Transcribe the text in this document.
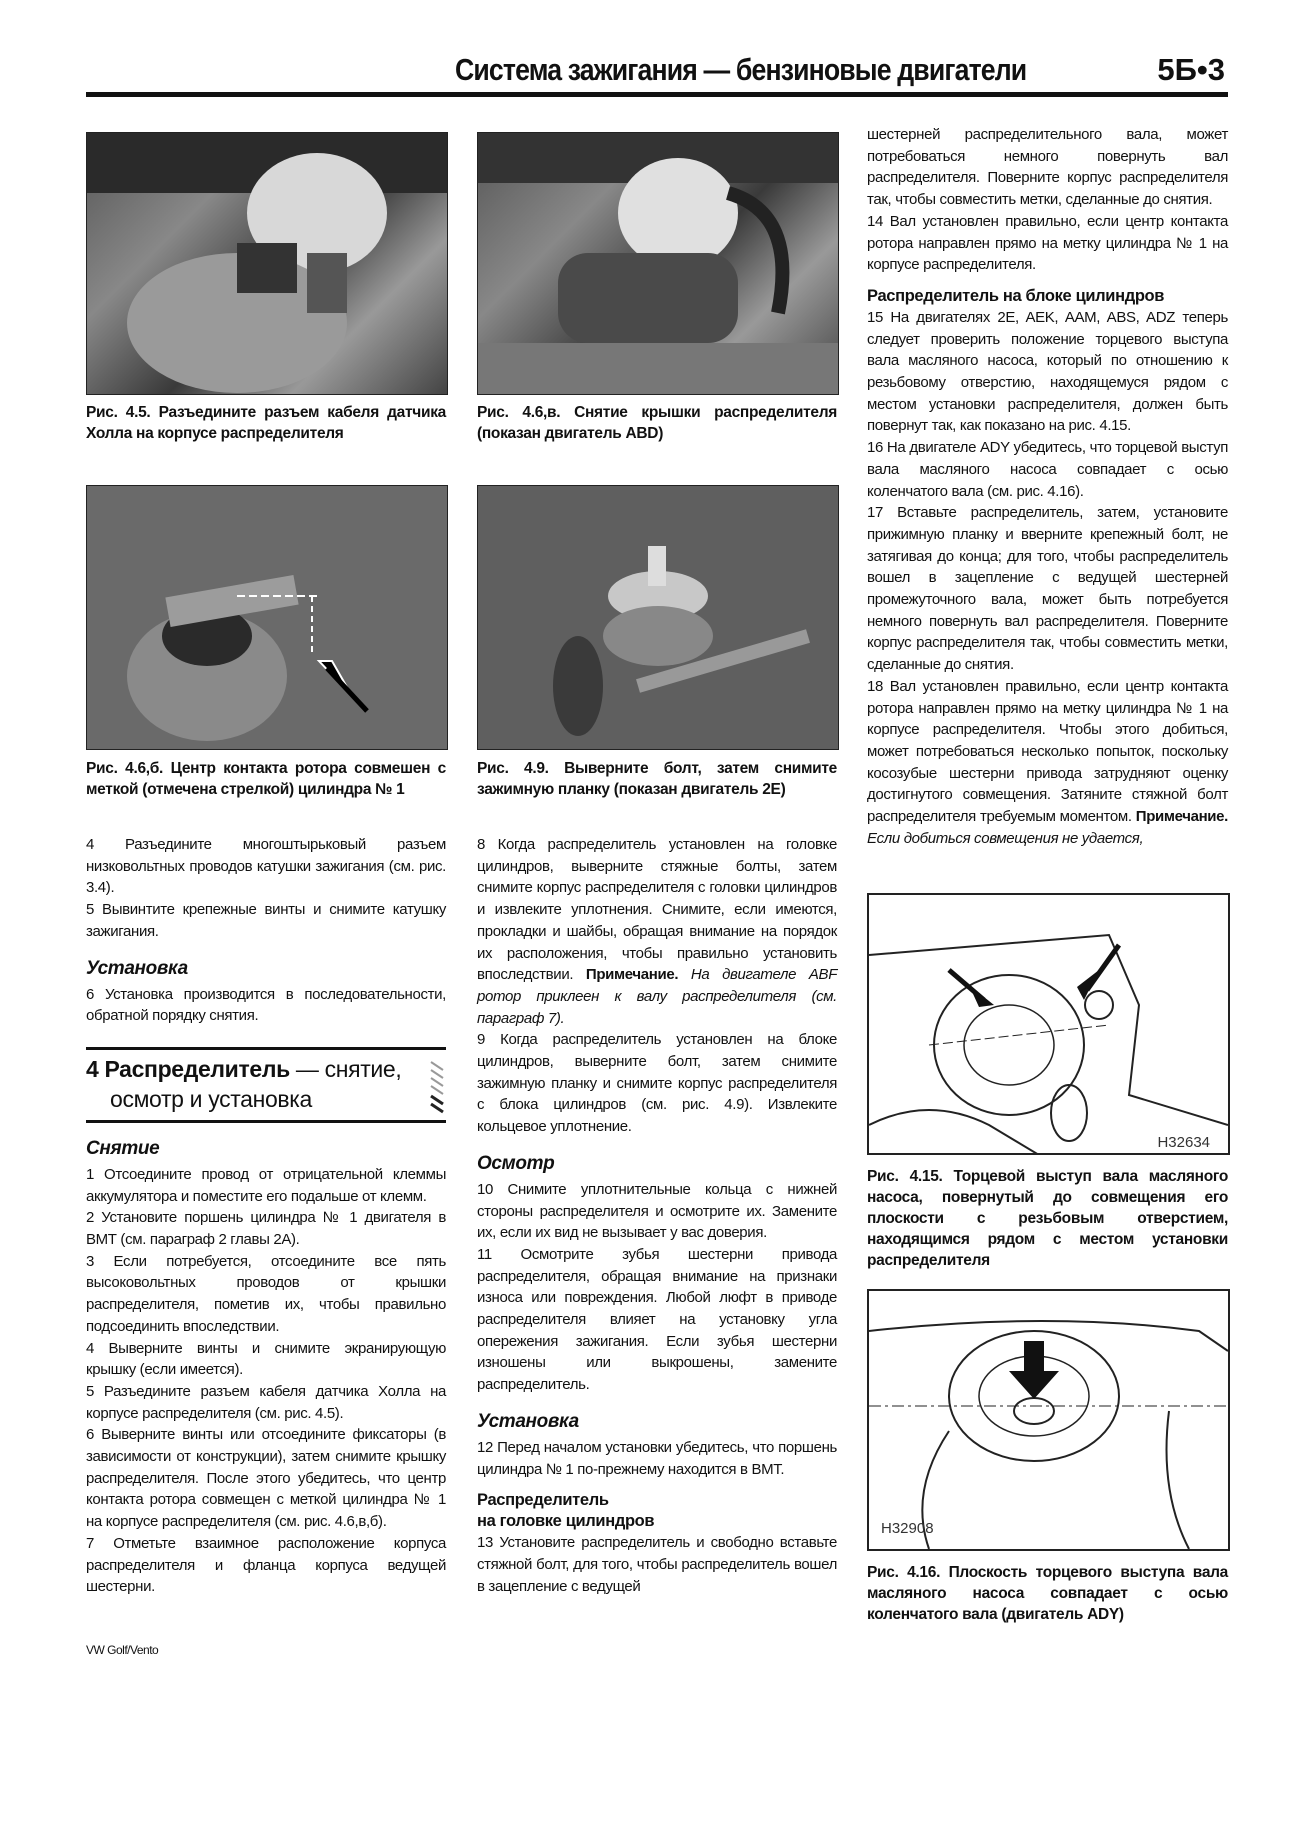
Система зажигания — бензиновые двигатели	5Б•3
Рис. 4.5. Разъедините разъем кабеля датчика Холла на корпусе распределителя
Рис. 4.6,в. Снятие крышки распределителя (показан двигатель ABD)
Рис. 4.6,б. Центр контакта ротора совмешен с меткой (отмечена стрелкой) цилиндра № 1
Рис. 4.9. Выверните болт, затем снимите зажимную планку (показан двигатель 2E)

4 Разъедините многоштырьковый разъем низковольтных проводов катушки зажигания (см. рис. 3.4).

5 Вывинтите крепежные винты и снимите катушку зажигания.

Установка

6 Установка производится в последовательности, обратной порядку снятия.

4 Распределитель — снятие,
осмотр и установка

Снятие

1 Отсоедините провод от отрицательной клеммы аккумулятора и поместите его подальше от клемм.

2 Установите поршень цилиндра № 1 двигателя в ВМТ (см. параграф 2 главы 2A).

3 Если потребуется, отсоедините все пять высоковольтных проводов от крышки распределителя, пометив их, чтобы правильно подсоединить впоследствии.

4 Выверните винты и снимите экранирующую крышку (если имеется).

5 Разъедините разъем кабеля датчика Холла на корпусе распределителя (см. рис. 4.5).

6 Выверните винты или отсоедините фиксаторы (в зависимости от конструкции), затем снимите крышку распределителя. После этого убедитесь, что центр контакта ротора совмещен с меткой цилиндра № 1 на корпусе распределителя (см. рис. 4.6,в,б).

7 Отметьте взаимное расположение корпуса распределителя и фланца корпуса ведущей шестерни.

8 Когда распределитель установлен на головке цилиндров, выверните стяжные болты, затем снимите корпус распределителя с головки цилиндров и извлеките уплотнения. Снимите, если имеются, прокладки и шайбы, обращая внимание на порядок их расположения, чтобы правильно установить впоследствии. Примечание. На двигателе ABF ротор приклеен к валу распределителя (см. параграф 7).

9 Когда распределитель установлен на блоке цилиндров, выверните болт, затем снимите зажимную планку и снимите корпус распределителя с блока цилиндров (см. рис. 4.9). Извлеките кольцевое уплотнение.

Осмотр

10 Снимите уплотнительные кольца с нижней стороны распределителя и осмотрите их. Замените их, если их вид не вызывает у вас доверия.

11 Осмотрите зубья шестерни привода распределителя, обращая внимание на признаки износа или повреждения. Любой люфт в приводе распределителя влияет на установку угла опережения зажигания. Если зубья шестерни изношены или выкрошены, замените распределитель.

Установка

12 Перед началом установки убедитесь, что поршень цилиндра № 1 по-прежнему находится в ВМТ.

Распределитель

на головке цилиндров

13 Установите распределитель и свободно вставьте стяжной болт, для того, чтобы распределитель вошел в зацепление с ведущей

шестерней распределительного вала, может потребоваться немного повернуть вал распределителя. Поверните корпус распределителя так, чтобы совместить метки, сделанные до снятия.

14 Вал установлен правильно, если центр контакта ротора направлен прямо на метку цилиндра № 1 на корпусе распределителя.

Распределитель на блоке цилиндров

15 На двигателях 2E, AEK, AAM, ABS, ADZ теперь следует проверить положение торцевого выступа вала масляного насоса, который по отношению к резьбовому отверстию, находящемуся рядом с местом установки распределителя, должен быть повернут так, как показано на рис. 4.15.

16 На двигателе ADY убедитесь, что торцевой выступ вала масляного насоса совпадает с осью коленчатого вала (см. рис. 4.16).

17 Вставьте распределитель, затем, установите прижимную планку и вверните крепежный болт, не затягивая до конца; для того, чтобы распределитель вошел в зацепление с ведущей шестерней промежуточного вала, может быть потребуется немного повернуть вал распределителя. Поверните корпус распределителя так, чтобы совместить метки, сделанные до снятия.

18 Вал установлен правильно, если центр контакта ротора направлен прямо на метку цилиндра № 1 на корпусе распределителя. Чтобы этого добиться, может потребоваться несколько попыток, поскольку косозубые шестерни привода затрудняют оценку достигнутого совмещения. Затяните стяжной болт распределителя требуемым моментом. Примечание. Если добиться совмещения не удается,

H32634
Рис. 4.15. Торцевой выступ вала масляного насоса, повернутый до совмещения его плоскости с резьбовым отверстием, находящимся рядом с местом установки распределителя
H32908
Рис. 4.16. Плоскость торцевого выступа вала масляного насоса совпадает с осью коленчатого вала (двигатель ADY)
VW Golf/Vento
